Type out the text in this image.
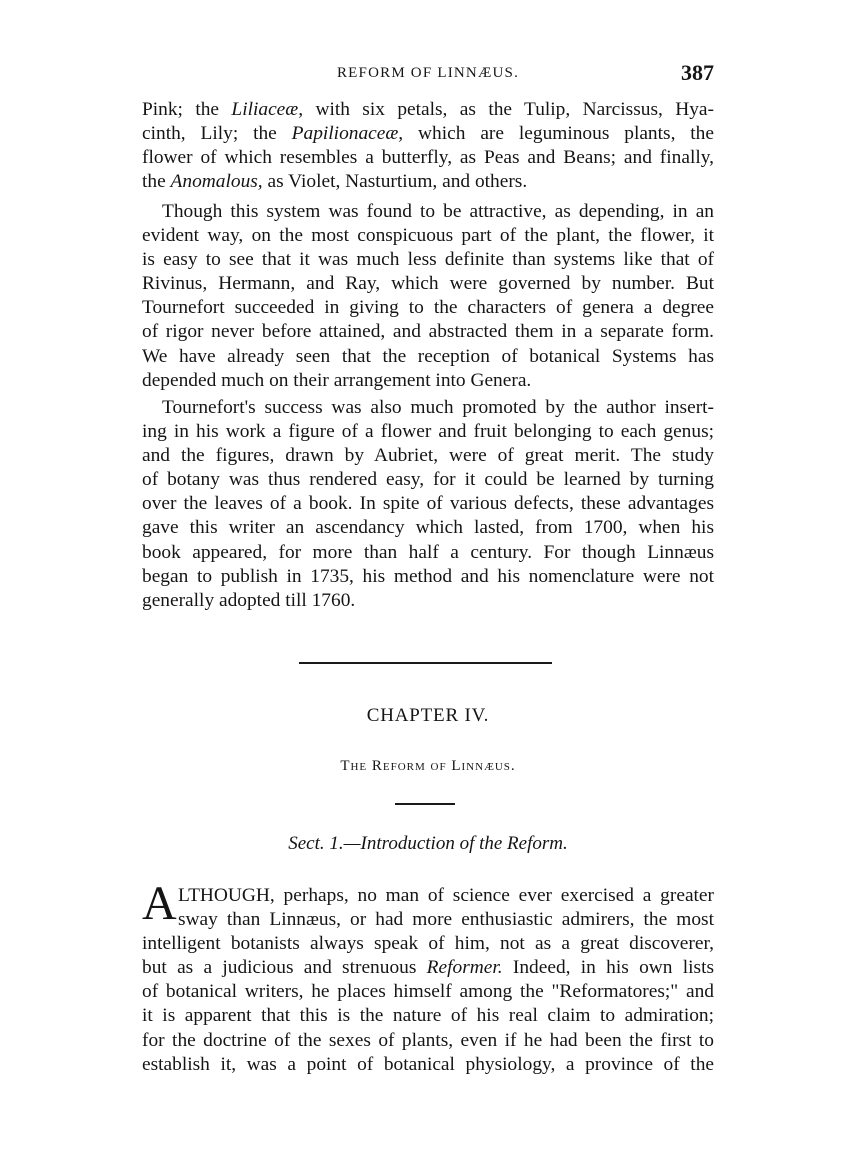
REFORM OF LINNÆUS.	387
Pink; the Liliaceæ, with six petals, as the Tulip, Narcissus, Hya-
cinth, Lily; the Papilionaceæ, which are leguminous plants, the
flower of which resembles a butterfly, as Peas and Beans; and finally,
the Anomalous, as Violet, Nasturtium, and others.
Though this system was found to be attractive, as depending, in an
evident way, on the most conspicuous part of the plant, the flower, it
is easy to see that it was much less definite than systems like that of
Rivinus, Hermann, and Ray, which were governed by number. But
Tournefort succeeded in giving to the characters of genera a degree
of rigor never before attained, and abstracted them in a separate form.
We have already seen that the reception of botanical Systems has
depended much on their arrangement into Genera.
Tournefort's success was also much promoted by the author insert-
ing in his work a figure of a flower and fruit belonging to each genus;
and the figures, drawn by Aubriet, were of great merit. The study
of botany was thus rendered easy, for it could be learned by turning
over the leaves of a book. In spite of various defects, these advantages
gave this writer an ascendancy which lasted, from 1700, when his
book appeared, for more than half a century. For though Linnæus
began to publish in 1735, his method and his nomenclature were not
generally adopted till 1760.
CHAPTER IV.
The Reform of Linnæus.
Sect. 1.—Introduction of the Reform.
A LTHOUGH, perhaps, no man of science ever exercised a greater
sway than Linnæus, or had more enthusiastic admirers, the most
intelligent botanists always speak of him, not as a great discoverer,
but as a judicious and strenuous Reformer. Indeed, in his own lists
of botanical writers, he places himself among the "Reformatores;" and
it is apparent that this is the nature of his real claim to admiration;
for the doctrine of the sexes of plants, even if he had been the first to
establish it, was a point of botanical physiology, a province of the
